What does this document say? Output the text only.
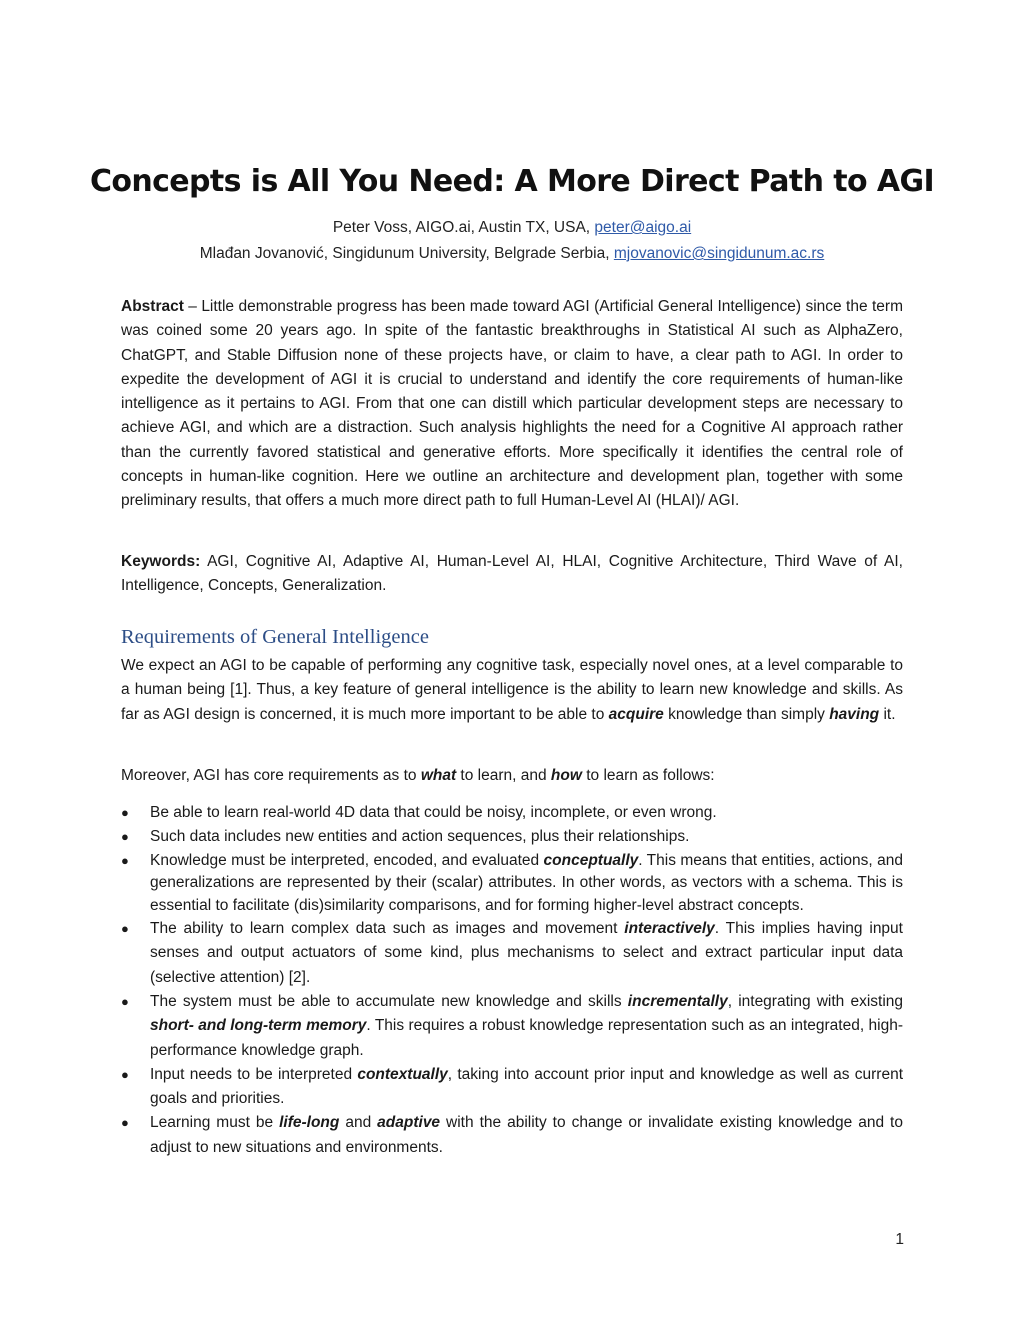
Concepts is All You Need: A More Direct Path to AGI
Peter Voss, AIGO.ai, Austin TX, USA, peter@aigo.ai
Mlađan Jovanović, Singidunum University, Belgrade Serbia, mjovanovic@singidunum.ac.rs
Abstract – Little demonstrable progress has been made toward AGI (Artificial General Intelligence) since the term was coined some 20 years ago. In spite of the fantastic breakthroughs in Statistical AI such as AlphaZero, ChatGPT, and Stable Diffusion none of these projects have, or claim to have, a clear path to AGI. In order to expedite the development of AGI it is crucial to understand and identify the core requirements of human-like intelligence as it pertains to AGI. From that one can distill which particular development steps are necessary to achieve AGI, and which are a distraction. Such analysis highlights the need for a Cognitive AI approach rather than the currently favored statistical and generative efforts. More specifically it identifies the central role of concepts in human-like cognition. Here we outline an architecture and development plan, together with some preliminary results, that offers a much more direct path to full Human-Level AI (HLAI)/ AGI.
Keywords: AGI, Cognitive AI, Adaptive AI, Human-Level AI, HLAI, Cognitive Architecture, Third Wave of AI, Intelligence, Concepts, Generalization.
Requirements of General Intelligence
We expect an AGI to be capable of performing any cognitive task, especially novel ones, at a level comparable to a human being [1]. Thus, a key feature of general intelligence is the ability to learn new knowledge and skills. As far as AGI design is concerned, it is much more important to be able to acquire knowledge than simply having it.
Moreover, AGI has core requirements as to what to learn, and how to learn as follows:
● Be able to learn real-world 4D data that could be noisy, incomplete, or even wrong.
● Such data includes new entities and action sequences, plus their relationships.
● Knowledge must be interpreted, encoded, and evaluated conceptually. This means that entities, actions, and generalizations are represented by their (scalar) attributes. In other words, as vectors with a schema. This is essential to facilitate (dis)similarity comparisons, and for forming higher-level abstract concepts.
● The ability to learn complex data such as images and movement interactively. This implies having input senses and output actuators of some kind, plus mechanisms to select and extract particular input data (selective attention) [2].
● The system must be able to accumulate new knowledge and skills incrementally, integrating with existing short- and long-term memory. This requires a robust knowledge representation such as an integrated, high-performance knowledge graph.
● Input needs to be interpreted contextually, taking into account prior input and knowledge as well as current goals and priorities.
● Learning must be life-long and adaptive with the ability to change or invalidate existing knowledge and to adjust to new situations and environments.
1
